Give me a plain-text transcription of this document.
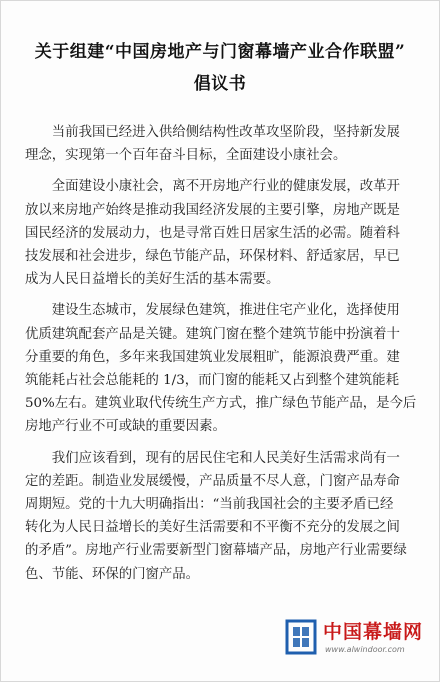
关于组建“中国房地产与门窗幕墙产业合作联盟”
倡议书
当前我国已经进入供给侧结构性改革攻坚阶段，坚持新发展
理念，实现第一个百年奋斗目标，全面建设小康社会。
全面建设小康社会，离不开房地产行业的健康发展，改革开
放以来房地产始终是推动我国经济发展的主要引擎，房地产既是
国民经济的发展动力，也是寻常百姓日居家生活的必需。随着科
技发展和社会进步，绿色节能产品，环保材料、舒适家居，早已
成为人民日益增长的美好生活的基本需要。
建设生态城市，发展绿色建筑，推进住宅产业化，选择使用
优质建筑配套产品是关键。建筑门窗在整个建筑节能中扮演着十
分重要的角色，多年来我国建筑业发展粗旷，能源浪费严重。建
筑能耗占社会总能耗的 1/3，而门窗的能耗又占到整个建筑能耗
50%左右。建筑业取代传统生产方式，推广绿色节能产品，是今后
房地产行业不可或缺的重要因素。
我们应该看到，现有的居民住宅和人民美好生活需求尚有一
定的差距。制造业发展缓慢，产品质量不尽人意，门窗产品寿命
周期短。党的十九大明确指出：“当前我国社会的主要矛盾已经
转化为人民日益增长的美好生活需要和不平衡不充分的发展之间
的矛盾”。房地产行业需要新型门窗幕墙产品，房地产行业需要绿
色、节能、环保的门窗产品。
中国幕墙网
www.alwindoor.com
